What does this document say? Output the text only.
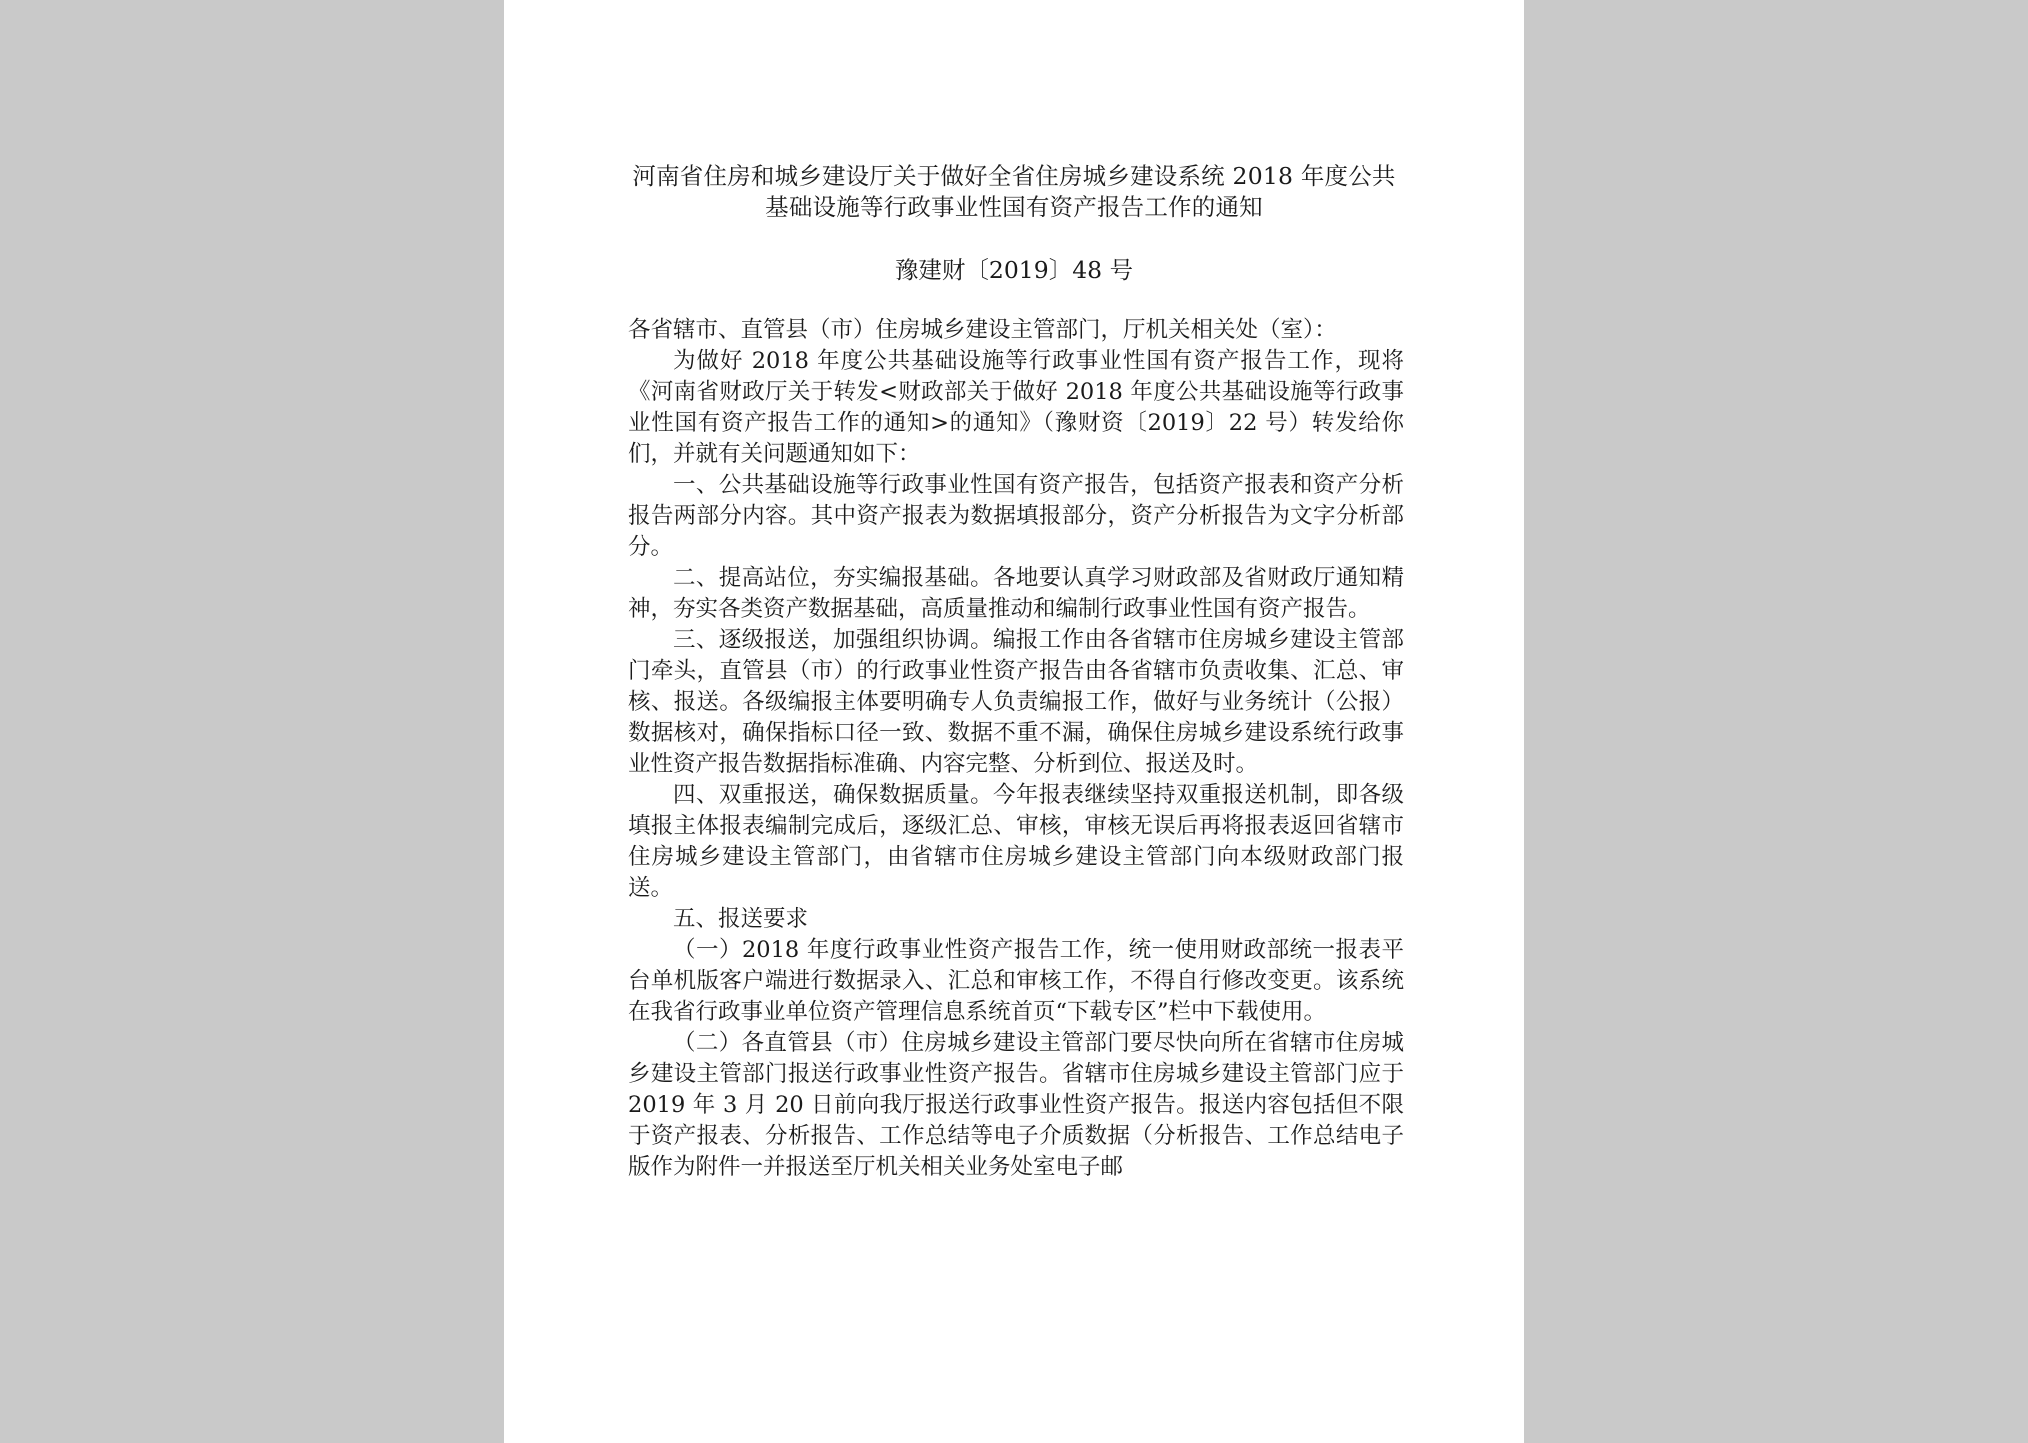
河南省住房和城乡建设厅关于做好全省住房城乡建设系统 2018 年度公共
基础设施等行政事业性国有资产报告工作的通知
豫建财〔2019〕48 号

各省辖市、直管县（市）住房城乡建设主管部门，厅机关相关处（室）：

为做好 2018 年度公共基础设施等行政事业性国有资产报告工作，现将《河南省财政厅关于转发<财政部关于做好 2018 年度公共基础设施等行政事业性国有资产报告工作的通知>的通知》（豫财资〔2019〕22 号）转发给你们，并就有关问题通知如下：

一、公共基础设施等行政事业性国有资产报告，包括资产报表和资产分析报告两部分内容。其中资产报表为数据填报部分，资产分析报告为文字分析部分。

二、提高站位，夯实编报基础。各地要认真学习财政部及省财政厅通知精神，夯实各类资产数据基础，高质量推动和编制行政事业性国有资产报告。

三、逐级报送，加强组织协调。编报工作由各省辖市住房城乡建设主管部门牵头，直管县（市）的行政事业性资产报告由各省辖市负责收集、汇总、审核、报送。各级编报主体要明确专人负责编报工作，做好与业务统计（公报）数据核对，确保指标口径一致、数据不重不漏，确保住房城乡建设系统行政事业性资产报告数据指标准确、内容完整、分析到位、报送及时。

四、双重报送，确保数据质量。今年报表继续坚持双重报送机制，即各级填报主体报表编制完成后，逐级汇总、审核，审核无误后再将报表返回省辖市住房城乡建设主管部门，由省辖市住房城乡建设主管部门向本级财政部门报送。

五、报送要求

（一）2018 年度行政事业性资产报告工作，统一使用财政部统一报表平台单机版客户端进行数据录入、汇总和审核工作，不得自行修改变更。该系统在我省行政事业单位资产管理信息系统首页“下载专区”栏中下载使用。

（二）各直管县（市）住房城乡建设主管部门要尽快向所在省辖市住房城乡建设主管部门报送行政事业性资产报告。省辖市住房城乡建设主管部门应于 2019 年 3 月 20 日前向我厅报送行政事业性资产报告。报送内容包括但不限于资产报表、分析报告、工作总结等电子介质数据（分析报告、工作总结电子版作为附件一并报送至厅机关相关业务处室电子邮
